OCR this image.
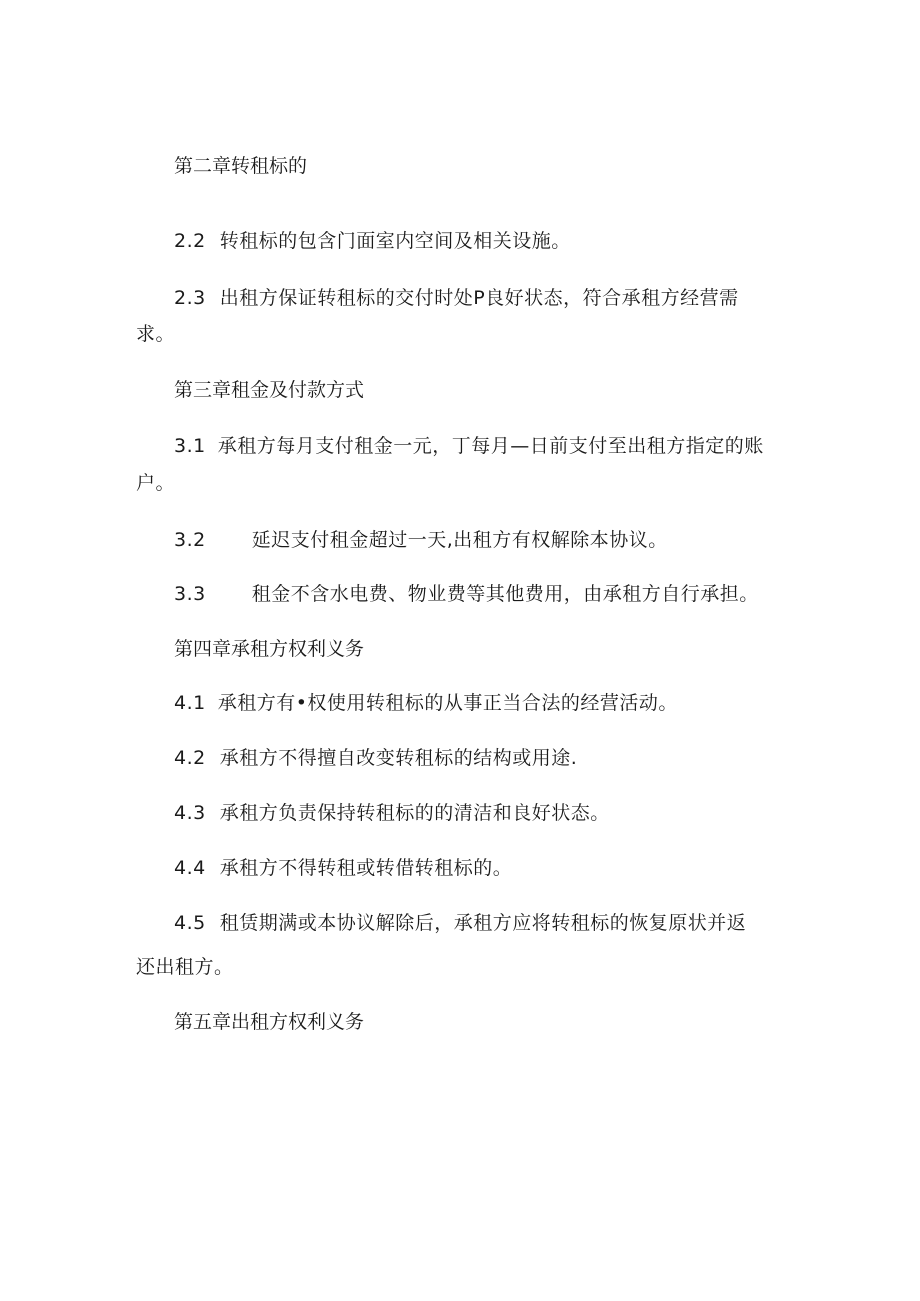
第二章转租标的
2.2 转租标的包含门面室内空间及相关设施。
2.3 出租方保证转租标的交付时处P良好状态，符合承租方经营需
求。
第三章租金及付款方式
3.1 承租方每月支付租金一元，丁每月—日前支付至出租方指定的账
户。
3.2 延迟支付租金超过一天,出租方有权解除本协议。
3.3 租金不含水电费、物业费等其他费用，由承租方自行承担。
第四章承租方权利义务
4.1 承租方有•权使用转租标的从事正当合法的经营活动。
4.2 承租方不得擅自改变转租标的结构或用途.
4.3 承租方负责保持转租标的的清洁和良好状态。
4.4 承租方不得转租或转借转租标的。
4.5 租赁期满或本协议解除后，承租方应将转租标的恢复原状并返
还出租方。
第五章出租方权利义务
